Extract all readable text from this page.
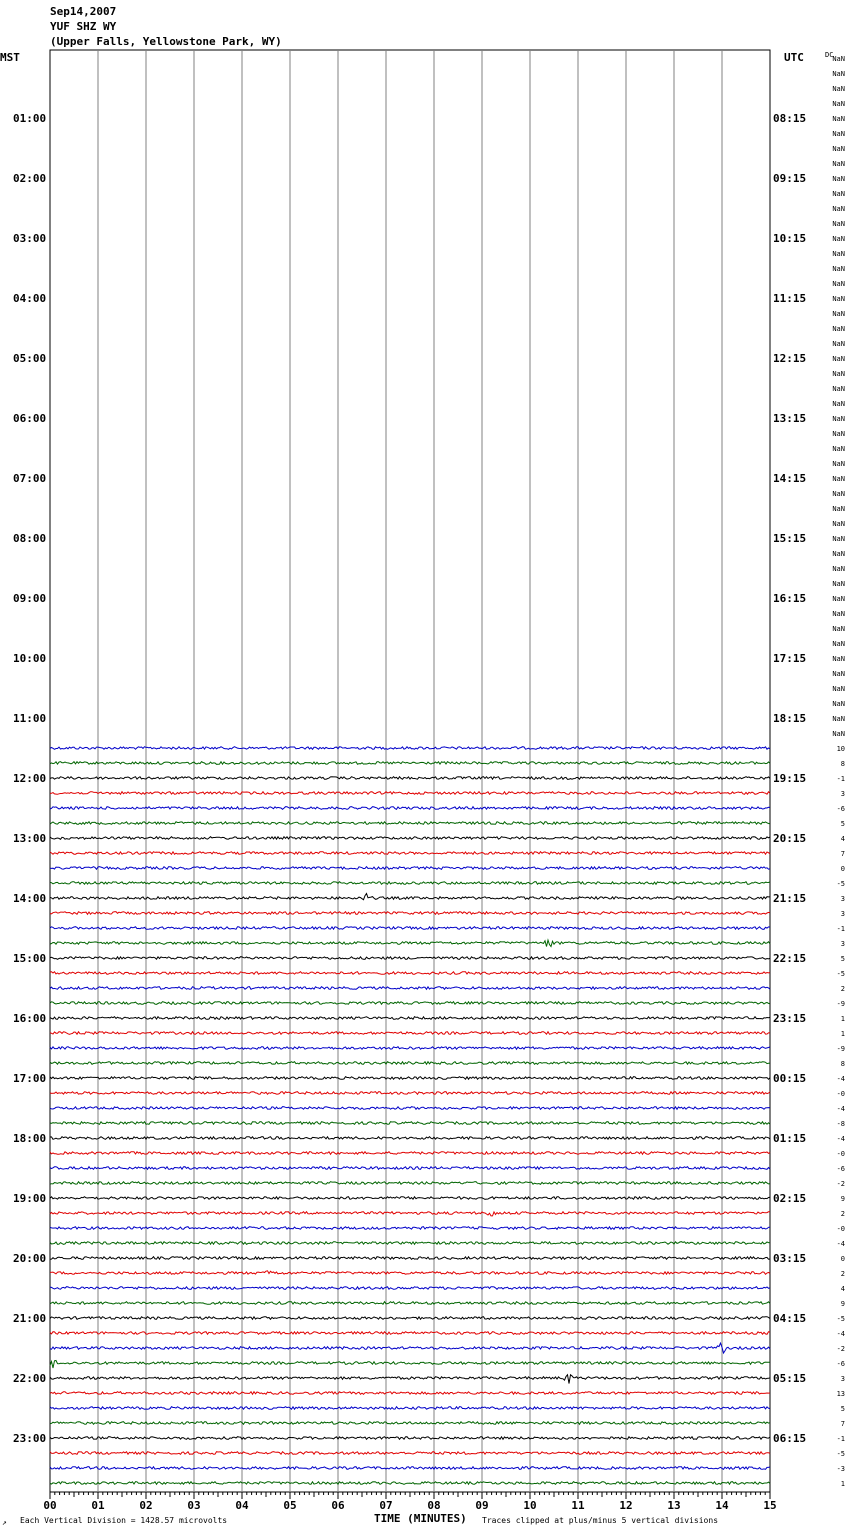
Sep14,2007
YUF SHZ WY
(Upper Falls, Yellowstone Park, WY)
MST	UTC	DC
01:00
02:00
03:00
04:00
05:00
06:00
07:00
08:00
09:00
10:00
11:00
12:00
13:00
14:00
15:00
16:00
17:00
18:00
19:00
20:00
21:00
22:00
23:00
08:15
09:15
10:15
11:15
12:15
13:15
14:15
15:15
16:15
17:15
18:15
19:15
20:15
21:15
22:15
23:15
00:15
01:15
02:15
03:15
04:15
05:15
06:15
NaN
NaN
NaN
NaN
NaN
NaN
NaN
NaN
NaN
NaN
NaN
NaN
NaN
NaN
NaN
NaN
NaN
NaN
NaN
NaN
NaN
NaN
NaN
NaN
NaN
NaN
NaN
NaN
NaN
NaN
NaN
NaN
NaN
NaN
NaN
NaN
NaN
NaN
NaN
NaN
NaN
NaN
NaN
NaN
NaN
NaN
10
8
-1
3
-6
5
4
7
0
-5
3
3
-1
3
5
-5
2
-9
1
1
-9
8
-4
-0
-4
-8
-4
-0
-6
-2
9
2
-0
-4
0
2
4
9
-5
-4
-2
-6
3
13
5
7
-1
-5
-3
1
00	01	02	03	04	05	06	07	08	09	10	11	12	13	14	15
↗ Each Vertical Division = 1428.57 microvolts	TIME (MINUTES) Traces clipped at plus/minus 5 vertical divisions
